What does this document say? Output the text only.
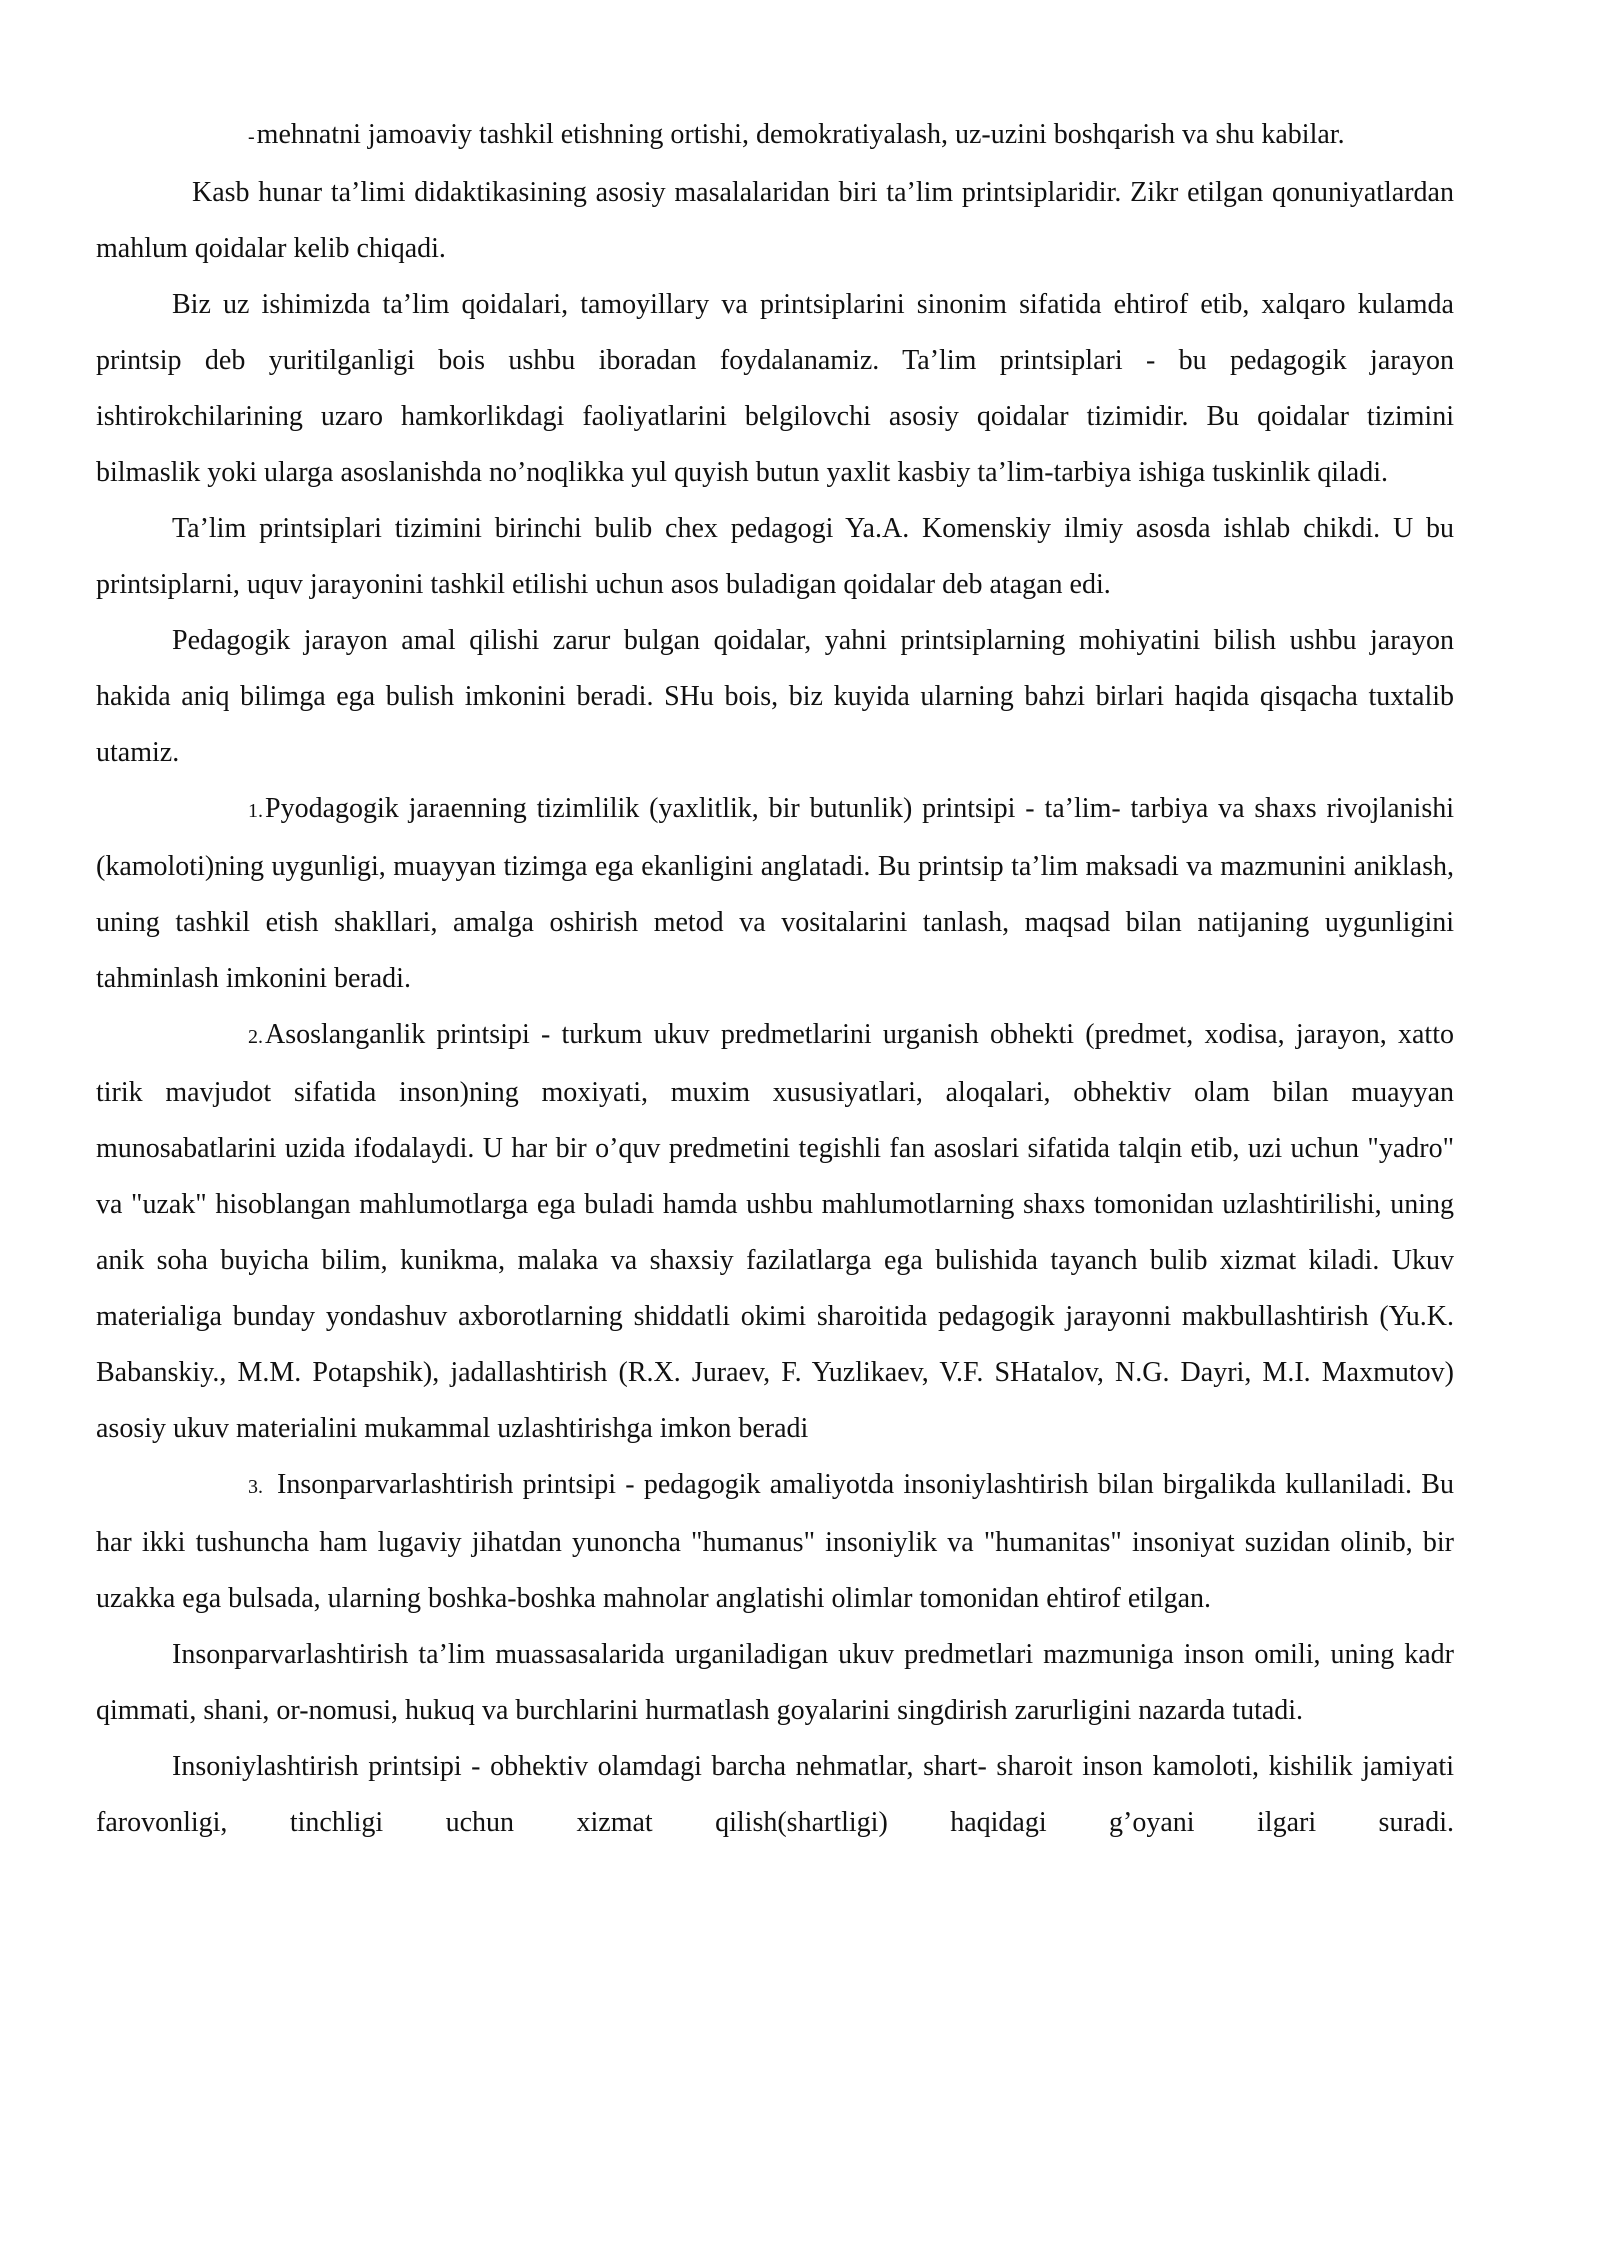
-mehnatni jamoaviy tashkil etishning ortishi, demokratiyalash, uz-uzini boshqarish va shu kabilar.

Kasb hunar ta’limi didaktikasining asosiy masalalaridan biri ta’lim printsiplaridir. Zikr etilgan qonuniyatlardan mahlum qoidalar kelib chiqadi.

Biz uz ishimizda ta’lim qoidalari, tamoyillary va printsiplarini sinonim sifatida ehtirof etib, xalqaro kulamda printsip deb yuritilganligi bois ushbu iboradan foydalanamiz. Ta’lim printsiplari - bu pedagogik jarayon ishtirokchilarining uzaro hamkorlikdagi faoliyatlarini belgilovchi asosiy qoidalar tizimidir. Bu qoidalar tizimini bilmaslik yoki ularga asoslanishda no’noqlikka yul quyish butun yaxlit kasbiy ta’lim-tarbiya ishiga tuskinlik qiladi.

Ta’lim printsiplari tizimini birinchi bulib chex pedagogi Ya.A. Komenskiy ilmiy asosda ishlab chikdi. U bu printsiplarni, uquv jarayonini tashkil etilishi uchun asos buladigan qoidalar deb atagan edi.

Pedagogik jarayon amal qilishi zarur bulgan qoidalar, yahni printsiplarning mohiyatini bilish ushbu jarayon hakida aniq bilimga ega bulish imkonini beradi. SHu bois, biz kuyida ularning bahzi birlari haqida qisqacha tuxtalib utamiz.

1.Pyodagogik jaraenning tizimlilik (yaxlitlik, bir butunlik) printsipi - ta’lim- tarbiya va shaxs rivojlanishi (kamoloti)ning uygunligi, muayyan tizimga ega ekanligini anglatadi. Bu printsip ta’lim maksadi va mazmunini aniklash, uning tashkil etish shakllari, amalga oshirish metod va vositalarini tanlash, maqsad bilan natijaning uygunligini tahminlash imkonini beradi.

2.Asoslanganlik printsipi - turkum ukuv predmetlarini urganish obhekti (predmet, xodisa, jarayon, xatto tirik mavjudot sifatida inson)ning moxiyati, muxim xususiyatlari, aloqalari, obhektiv olam bilan muayyan munosabatlarini uzida ifodalaydi. U har bir o’quv predmetini tegishli fan asoslari sifatida talqin etib, uzi uchun "yadro" va "uzak" hisoblangan mahlumotlarga ega buladi hamda ushbu mahlumotlarning shaxs tomonidan uzlashtirilishi, uning anik soha buyicha bilim, kunikma, malaka va shaxsiy fazilatlarga ega bulishida tayanch bulib xizmat kiladi. Ukuv materialiga bunday yondashuv axborotlarning shiddatli okimi sharoitida pedagogik jarayonni makbullashtirish (Yu.K. Babanskiy., M.M. Potapshik), jadallashtirish (R.X. Juraev, F. Yuzlikaev, V.F. SHatalov, N.G. Dayri, M.I. Maxmutov) asosiy ukuv materialini mukammal uzlashtirishga imkon beradi

3. Insonparvarlashtirish printsipi - pedagogik amaliyotda insoniylashtirish bilan birgalikda kullaniladi. Bu har ikki tushuncha ham lugaviy jihatdan yunoncha "humanus" insoniylik va "humanitas" insoniyat suzidan olinib, bir uzakka ega bulsada, ularning boshka-boshka mahnolar anglatishi olimlar tomonidan ehtirof etilgan.

Insonparvarlashtirish ta’lim muassasalarida urganiladigan ukuv predmetlari mazmuniga inson omili, uning kadr qimmati, shani, or-nomusi, hukuq va burchlarini hurmatlash goyalarini singdirish zarurligini nazarda tutadi.

Insoniylashtirish printsipi - obhektiv olamdagi barcha nehmatlar, shart- sharoit inson kamoloti, kishilik jamiyati farovonligi, tinchligi uchun xizmat qilish(shartligi) haqidagi g’oyani ilgari suradi.
